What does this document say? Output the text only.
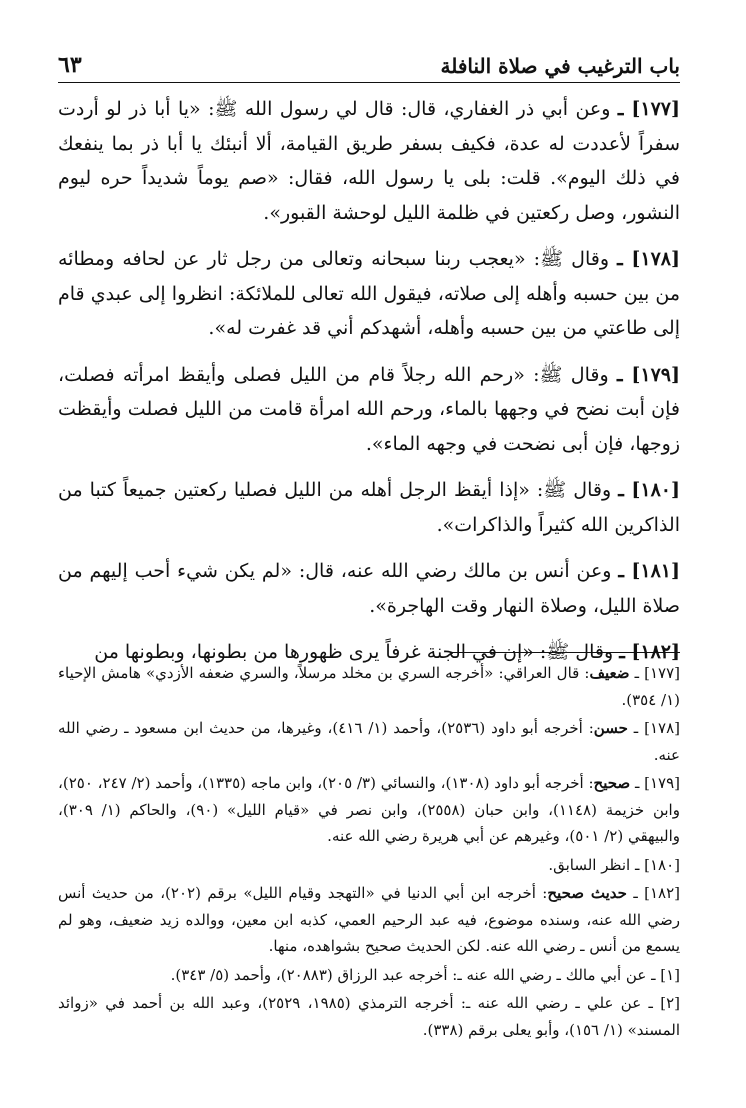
باب الترغيب في صلاة النافلة
٦٣

[١٧٧] ـ وعن أبي ذر الغفاري، قال: قال لي رسول الله ﷺ: «يا أبا ذر لو أردت سفراً لأعددت له عدة، فكيف بسفر طريق القيامة، ألا أنبئك يا أبا ذر بما ينفعك في ذلك اليوم». قلت: بلى يا رسول الله، فقال: «صم يوماً شديداً حره ليوم النشور، وصل ركعتين في ظلمة الليل لوحشة القبور».

[١٧٨] ـ وقال ﷺ: «يعجب ربنا سبحانه وتعالى من رجل ثار عن لحافه ومطائه من بين حسبه وأهله إلى صلاته، فيقول الله تعالى للملائكة: انظروا إلى عبدي قام إلى طاعتي من بين حسبه وأهله، أشهدكم أني قد غفرت له».

[١٧٩] ـ وقال ﷺ: «رحم الله رجلاً قام من الليل فصلى وأيقظ امرأته فصلت، فإن أبت نضح في وجهها بالماء، ورحم الله امرأة قامت من الليل فصلت وأيقظت زوجها، فإن أبى نضحت في وجهه الماء».

[١٨٠] ـ وقال ﷺ: «إذا أيقظ الرجل أهله من الليل فصليا ركعتين جميعاً كتبا من الذاكرين الله كثيراً والذاكرات».

[١٨١] ـ وعن أنس بن مالك رضي الله عنه، قال: «لم يكن شيء أحب إليهم من صلاة الليل، وصلاة النهار وقت الهاجرة».

[١٨٢] ـ وقال ﷺ: «إن في الجنة غرفاً يرى ظهورها من بطونها، وبطونها من

[١٧٧] ـ ضعيف: قال العراقي: «أخرجه السري بن مخلد مرسلاً، والسري ضعفه الأزدي» هامش الإحياء (١/ ٣٥٤).

[١٧٨] ـ حسن: أخرجه أبو داود (٢٥٣٦)، وأحمد (١/ ٤١٦)، وغيرها، من حديث ابن مسعود ـ رضي الله عنه.

[١٧٩] ـ صحيح: أخرجه أبو داود (١٣٠٨)، والنسائي (٣/ ٢٠٥)، وابن ماجه (١٣٣٥)، وأحمد (٢/ ٢٤٧، ٢٥٠)، وابن خزيمة (١١٤٨)، وابن حبان (٢٥٥٨)، وابن نصر في «قيام الليل» (٩٠)، والحاكم (١/ ٣٠٩)، والبيهقي (٢/ ٥٠١)، وغيرهم عن أبي هريرة رضي الله عنه.

[١٨٠] ـ انظر السابق.

[١٨٢] ـ حديث صحيح: أخرجه ابن أبي الدنيا في «التهجد وقيام الليل» برقم (٢٠٢)، من حديث أنس رضي الله عنه، وسنده موضوع، فيه عبد الرحيم العمي، كذبه ابن معين، ووالده زيد ضعيف، وهو لم يسمع من أنس ـ رضي الله عنه. لكن الحديث صحيح بشواهده، منها.

[١] ـ عن أبي مالك ـ رضي الله عنه ـ: أخرجه عبد الرزاق (٢٠٨٨٣)، وأحمد (٥/ ٣٤٣).

[٢] ـ عن علي ـ رضي الله عنه ـ: أخرجه الترمذي (١٩٨٥، ٢٥٢٩)، وعبد الله بن أحمد في «زوائد المسند» (١/ ١٥٦)، وأبو يعلى برقم (٣٣٨).
